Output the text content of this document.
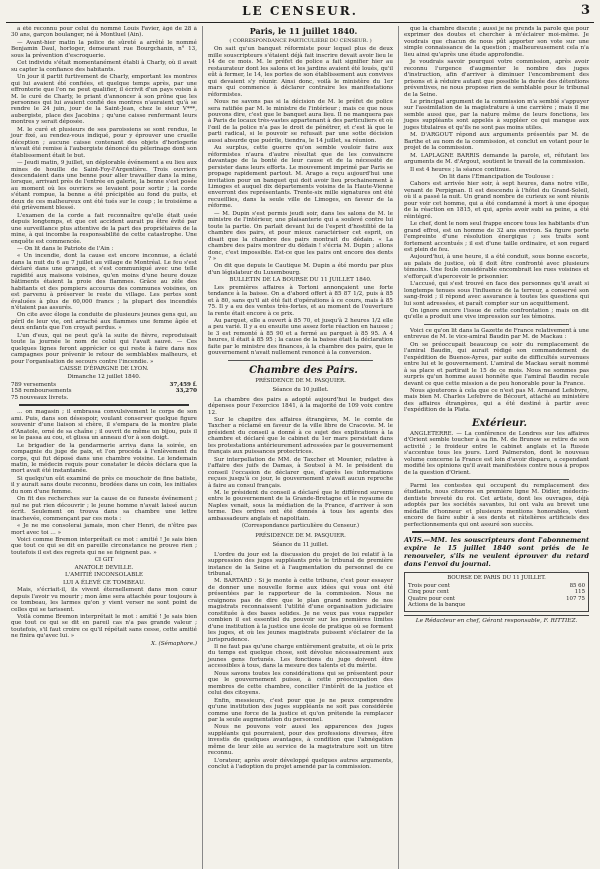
LE CENSEUR.	3

a été reconnu pour celui du nommé Louis Favier, âgé de 28 à 30 ans, garçon boulanger, né à Montluel (Ain).

— Avant-hier matin la police de sûreté a arrêté le nommé Benjamin Daul, horloger, demeurant rue Bourgchanin, n° 13, sous la prévention d'escroquerie.

Cet individu s'était momentanément établi à Charly, où il avait su capter la confiance des habitants.

Un jour il partit furtivement de Charly, emportant les montres qui lui avaient été confiées, et quelque temps après, par une effronterie que l'on ne peut qualifier, il écrivit d'un pays voisin à M. le curé de Charly, le priant d'annoncer à son prône que les personnes qui lui avaient confié des montres n'auraient qu'à se rendre le 24 juin, jour de la Saint-Jean, chez le sieur V***, aubergiste, place des Jacobins ; qu'une caisse renfermant leurs montres y serait déposée.

M. le curé et plusieurs de ses paroissiens se sont rendus, le jour fixé, au rendez-vous indiqué, pour y éprouver une cruelle déception ; aucune caisse contenant des objets d'horlogerie n'avait été remise à l'aubergiste dénoncé du pèlerinage dont son établissement était le but.

— Jeudi matin, 9 juillet, un déplorable événement a eu lieu aux mines de houille de Saint-Foy-l'Argentière. Trois ouvriers descendaient dans une benne pour aller travailler dans la mine, lorsque, arrivant près de l'entrée en galerie, la benne s'est posée au moment où les ouvriers se levaient pour sortir ; la corde s'étant rompue, la benne a été précipitée au fond du puits, et deux de ces malheureux ont été tués sur le coup ; le troisième a été grièvement blessé.

L'examen de la corde a fait reconnaître qu'elle était usée depuis longtemps, et que cet accident aurait pu être évité par une surveillance plus attentive de la part des propriétaires de la mine, à qui incombe la responsabilité de cette catastrophe. Une enquête est commencée.

— On lit dans le Patriote de l'Ain :

« Un incendie, dont la cause est encore inconnue, a éclaté dans la nuit du 6 au 7 juillet au village de Montréal. Le feu s'est déclaré dans une grange, et s'est communiqué avec une telle rapidité aux maisons voisines, qu'en moins d'une heure douze bâtiments étaient la proie des flammes. Grâce au zèle des habitants et des pompiers accourus des communes voisines, on est parvenu à préserver le reste du village. Les pertes sont évaluées à plus de 60,000 francs ; la plupart des incendiés n'étaient pas assurés.

On cite avec éloge la conduite de plusieurs jeunes gens qui, au péril de leur vie, ont arraché aux flammes une femme âgée et deux enfants que l'on croyait perdus. »

L'un d'eux, qui ne peut qu'à la suite de fièvre, reproduisait toute la journée le nom de celui qui l'avait sauvé. — Ces quelques lignes feront apprécier ce qui reste à faire dans nos campagnes pour prévenir le retour de semblables malheurs, et pour l'organisation de secours contre l'incendie. »

CAISSE D'ÉPARGNE DE LYON.

Dimanche 12 juillet 1840.

789 versements	37,459 f.
158 remboursements	33,270
75 nouveaux livrets.

… on magasin ; il embrassa convulsivement le corps de son ami. Puis, dans son désespoir, voulant conserver quelque figure souvenir d'une liaison si chère, il s'empara de la montre plate d'Anatole, orné de sa chaîne ; il ouvrit de même un bijou, puis il se le passa au cou, et glissa un anneau d'or à son doigt.

Le brigadier de la gendarmerie arriva dans la soirée, en compagnie du juge de paix, et l'on procéda à l'enlèvement du corps, qui fut déposé dans une chambre voisine. Le lendemain matin, le médecin requis pour constater le décès déclara que la mort avait été instantanée.

Si quelqu'un eût examiné de près ce mouchoir de fine batiste, il y aurait sans doute reconnu, brodées dans un coin, les initiales du nom d'une femme.

On fit des recherches sur la cause de ce funeste événement ; nul ne put rien découvrir ; le jeune homme n'avait laissé aucun écrit. Seulement on trouva dans sa chambre une lettre inachevée, commençant par ces mots :

« Je ne me consolerai jamais, mon cher Henri, de n'être pas mort avec toi … »

Voici comme Bremon interprétait ce mot : amitié ! Je sais bien que tout ce qui se dit en pareille circonstance ne prouve rien ; toutefois il est des regrets qui ne se feignent pas. »

CI GIT

ANATOLE DEVILLE.

L'AMITIÉ INCONSOLABLE

LUI A ÉLEVÉ CE TOMBEAU.

Mais, s'écriait-il, ils vivent éternellement dans mon cœur depuis l'avoir vu mourir ; mon âme sera attachée pour toujours à ce tombeau, les larmes qu'on y vient verser ne sont point de celles qui se tarissent.

Voilà comme Bremon interprétait le mot : amitié ! Je sais bien que tout ce qui se dit en pareil cas n'a pas grande valeur ; toutefois, s'il faut croire ce qu'il répétait sans cesse, cette amitié ne finira qu'avec lui. »

X. (Sémaphore.)

Paris, le 11 juillet 1840.

( CORRESPONDANCE PARTICULIÈRE DU CENSEUR. )

On sait qu'un banquet réformiste pour lequel plus de deux mille souscripteurs s'étaient déjà fait inscrire devait avoir lieu le 14 de ce mois. M. le préfet de police a fait signifier hier au restaurateur dont les salons et les jardins avaient été loués, qu'il eût à fermer, le 14, les portes de son établissement aux convives qui devaient s'y réunir. Ainsi donc, voilà le ministère du 1er mars qui commence à déclarer contraire les manifestations réformistes.

Nous ne savons pas si la décision de M. le préfet de police sera ratifiée par M. le ministre de l'intérieur ; mais ce que nous pouvons dire, c'est que le banquet aura lieu. Il ne manquera pas à Paris de locaux très-vastes appartenant à des particuliers et où l'œil de la police n'a pas le droit de pénétrer, et c'est là que le parti radical, si le pouvoir se refusait par une sotte décision aussi absurde que puérile, tiendra, le 14 juillet, sa réunion.

Au surplus, cette guerre qu'on semble vouloir faire aux réformistes n'aura d'autre résultat que de les convaincre davantage de la bonté de leur cause et de la nécessité de persister dans leurs efforts. Le mouvement imprimé par Paris se propage rapidement partout. M. Arago a reçu aujourd'hui une invitation pour un banquet qui doit avoir lieu prochainement à Limoges et auquel dix départements voisins de la Haute-Vienne enverront des représentants. Trente-six mille signatures ont été recueillies, dans la seule ville de Limoges, en faveur de la réforme.

— M. Dupin s'est permis jeudi soir, dans les salons de M. le ministre de l'intérieur, une plaisanterie qui a soulevé contre lui toute la partie. On parlait devant lui de l'esprit d'hostilité de la chambre des pairs, et pour mieux caractériser cet esprit, on disait que la chambre des pairs montrait du dédain. « La chambre des pairs montrer du dédain ! s'écria M. Dupin ; allons donc, c'est impossible. Est-ce que les pairs ont encore des dents ? »

On dit que depuis le Cautique M. Dupin a été mordu par plus d'un législateur du Luxembourg.

BULLETIN DE LA BOURSE DU 11 JUILLET 1840.

Les premières affaires à Tortoni annonçaient une forte tendance à la baisse. On a d'abord offert à 85 87 1/2, puis à 85 et à 80, sans qu'il ait été fait d'opérations à ce cours, mais à 85 75. Il y a eu des ventes très-fortes, et au moment de l'ouverture la rente était encore à ce prix.

Au parquet, elle a ouvert à 85 70, et jusqu'à 2 heures 1/2 elle a peu varié. Il y a eu ensuite une assez forte réaction en hausse ; le 3 est remonté à 85 90 et a fermé au parquet à 85 95. A 4 heures, il était à 85 95 ; la cause de la baisse était la déclaration faite par le ministre des finances, à la chambre des pairs, que le gouvernement n'avait nullement renoncé à la conversion.

Chambre des Pairs.

PRÉSIDENCE DE M. PASQUIER.

Séance du 10 juillet.

La chambre des pairs a adopté aujourd'hui le budget des dépenses pour l'exercice 1841, à la majorité de 109 voix contre 12.

Sur le chapitre des affaires étrangères, M. le comte de Taxcher a réclamé en faveur de la ville libre de Cracovie. M. le président du conseil a donné à ce sujet des explications à la chambre et déclaré que le cabinet du 1er mars persistait dans les protestations antérieurement adressées par le gouvernement français aux puissances protectrices.

Sur interpellation de MM. de Taxcher et Mounier, relative à l'affaire des juifs de Damas, à Soutsol à M. le président du conseil l'occasion de déclarer que, d'après les informations reçues jusqu'à ce jour, le gouvernement n'avait aucun reproche à faire au consul français.

M. le président du conseil a déclaré que le différend survenu entre le gouvernement de la Grande-Bretagne et le royaume de Naples venait, sous la médiation de la France, d'arriver à son terme. Des ordres ont été donnés à tous les agents des ambassadeurs anglais et napolitain.

(Correspondance particulière du Censeur.)

PRÉSIDENCE DE M. PASQUIER.

Séance du 11 juillet.

L'ordre du jour est la discussion du projet de loi relatif à la suppression des juges suppléants près le tribunal de première instance de la Seine et à l'augmentation du personnel de ce tribunal.

M. BARTARD : Si je monte à cette tribune, c'est pour essayer de donner une nouvelle forme aux idées qui vous ont été présentées par le rapporteur de la commission. Nous ne craignons pas de dire que le plan grand nombre de nos magistrats reconnaissent l'utilité d'une organisation judiciaire constituée à des bases solides. Je ne veux pas vous rappeler combien il est essentiel du pouvoir sur les premières limites d'une institution à la justice une école de pratique où se forment les juges, et où les jeunes magistrats puissent s'éclairer de la jurisprudence.

Il ne faut pas qu'une charge entièrement gratuite, et où le prix du temps est quelque chose, soit dévolue nécessairement aux jeunes gens fortunés. Les fonctions du juge doivent être accessibles à tous, dans la mesure des talents et du mérite.

Nous savons toutes les considérations qui se présentent pour que le gouvernement puisse, à cette préoccupation des membres de cette chambre, concilier l'intérêt de la justice et celui des citoyens.

Enfin, messieurs, c'est pour que je ne peux comprendre qu'une institution des juges suppléants ne soit pas considérée comme une force de la justice et qu'on prétende la remplacer par la seule augmentation du personnel.

Nous ne pouvons voir aussi les apparences des juges suppléants qui pourraient, pour des professions diverses, être investis de quelques avantages, à condition que l'abnégation même de leur zèle au service de la magistrature soit un titre reconnu.

L'orateur, après avoir développé quelques autres arguments, conclut à l'adoption du projet amendé par la commission.

que la chambre discute ; aussi je ne prends la parole que pour exprimer des doutes et chercher à m'éclairer moi-même. Je voudrais que chacun de nous pût apporter son vote sur une simple connaissance de la question ; malheureusement cela n'a lieu ainsi qu'après une étude approfondie.

Je voudrais savoir pourquoi votre commission, après avoir reconnu l'urgence d'augmenter le nombre des juges d'instruction, afin d'arriver à diminuer l'encombrement des prisons et à réduire autant que possible la durée des détentions préventives, ne nous propose rien de semblable pour le tribunal de la Seine.

Le principal argument de la commission m'a semblé s'appuyer sur l'assimilation de la magistrature à une carrière ; mais il me semble aussi que, par la nature même de leurs fonctions, les juges suppléants sont appelés à suppléer ce qui manque aux juges titulaires et qu'ils ne sont pas moins utiles.

M. D'ARGOUT répond aux arguments présentés par M. de Barthe et au nom de la commission, et conclut en votant pour le projet de la commission.

M. LAPLAGNE BARRIS demande la parole, et, réfutant les arguments de M. d'Argout, soutient le travail de la commission.

Il est 4 heures ; la séance continue.

On lit dans l'Emancipation de Toulouse :

Cahors est arrivée hier soir, à sept heures, dans notre ville, venant de Perpignan. Il est descendu à l'hôtel du Grand-Soleil, où il a passé la nuit. Un grand nombre de curieux se sont réunis pour voir cet homme, qui a été condamné à mort à une époque de la réaction en 1815, et qui, après avoir subi sa peine, a été réintégré.

Le chef, dont le nom seul frappe encore tous les habitants d'un grand effroi, est un homme de 32 ans environ. Sa figure porte l'empreinte d'une résolution énergique ; ses traits sont fortement accentués ; il est d'une taille ordinaire, et son regard est plein de feu.

Aujourd'hui, à une heure, il a été conduit, sous bonne escorte, au palais de justice, où il doit être confronté avec plusieurs témoins. Une foule considérable encombrait les rues voisines et s'efforçait d'apercevoir le prisonnier.

L'accusé, qui s'est trouvé en face des personnes qu'il avait si longtemps tenues sous l'influence de la terreur, a conservé son sang-froid ; il répond avec assurance à toutes les questions qui lui sont adressées, et paraît compter sur un acquittement.

On ignore encore l'issue de cette confrontation ; mais on dit qu'elle a produit une vive impression sur les témoins.

Voici ce qu'on lit dans la Gazette de France relativement à une entrevue de M. le vice-amiral Baudin par M. de Mackau :

On se préoccupait beaucoup ce soir du remplacement de l'amiral Baudin, qui aurait rédigé son commandement de l'expédition de Buenos-Ayres, par suite de difficultés survenues entre lui et le gouvernement. L'amiral de Mackau serait nommé à sa place et partirait le 15 de ce mois. Nous ne sommes pas surpris qu'un homme aussi honnête que l'amiral Baudin recule devant ce que cette mission a de peu honorable pour la France.

Nous ajouterons à cela que ce n'est pas M. Armand Lefebvre, mais bien M. Charles Lefebvre de Bécourt, attaché au ministère des affaires étrangères, qui a été destiné à partir avec l'expédition de la Plata.

Extérieur.

ANGLETERRE. — La conférence de Londres sur les affaires d'Orient semble toucher à sa fin. M. de Brunow se retire de son activité ; le froideur entre le cabinet anglais et la Russie s'accentue tous les jours. Lord Palmerston, dont le nouveau volume concerne la France est loin d'avoir disparu, a cependant modifié les opinions qu'il avait manifestées contre nous à propos de la question d'Orient.

Parmi les contestes qui occupent du remplacement des étudiants, nous citerons en première ligne M. Didier, médecin-dentiste breveté du roi. Cet artiste, dont les ouvrages, déjà adoptés par les sociétés savantes, lui ont valu au brevet une médaille d'honneur et plusieurs mentions honorables, vient encore de faire subir à ses dents et râtelières artificiels des perfectionnements qui ont assuré son succès.

AVIS.—MM. les souscripteurs dont l'abonnement expire le 15 juillet 1840 sont priés de le renouveler, s'ils ne veulent éprouver du retard dans l'envoi du journal.

BOURSE DE PARIS DU 11 JUILLET.
Trois pour cent	85 60
Cinq pour cent	115
Quatre pour cent	107 75
Actions de la banque
Le Rédacteur en chef, Gérant responsable, F. RITTIEZ.
